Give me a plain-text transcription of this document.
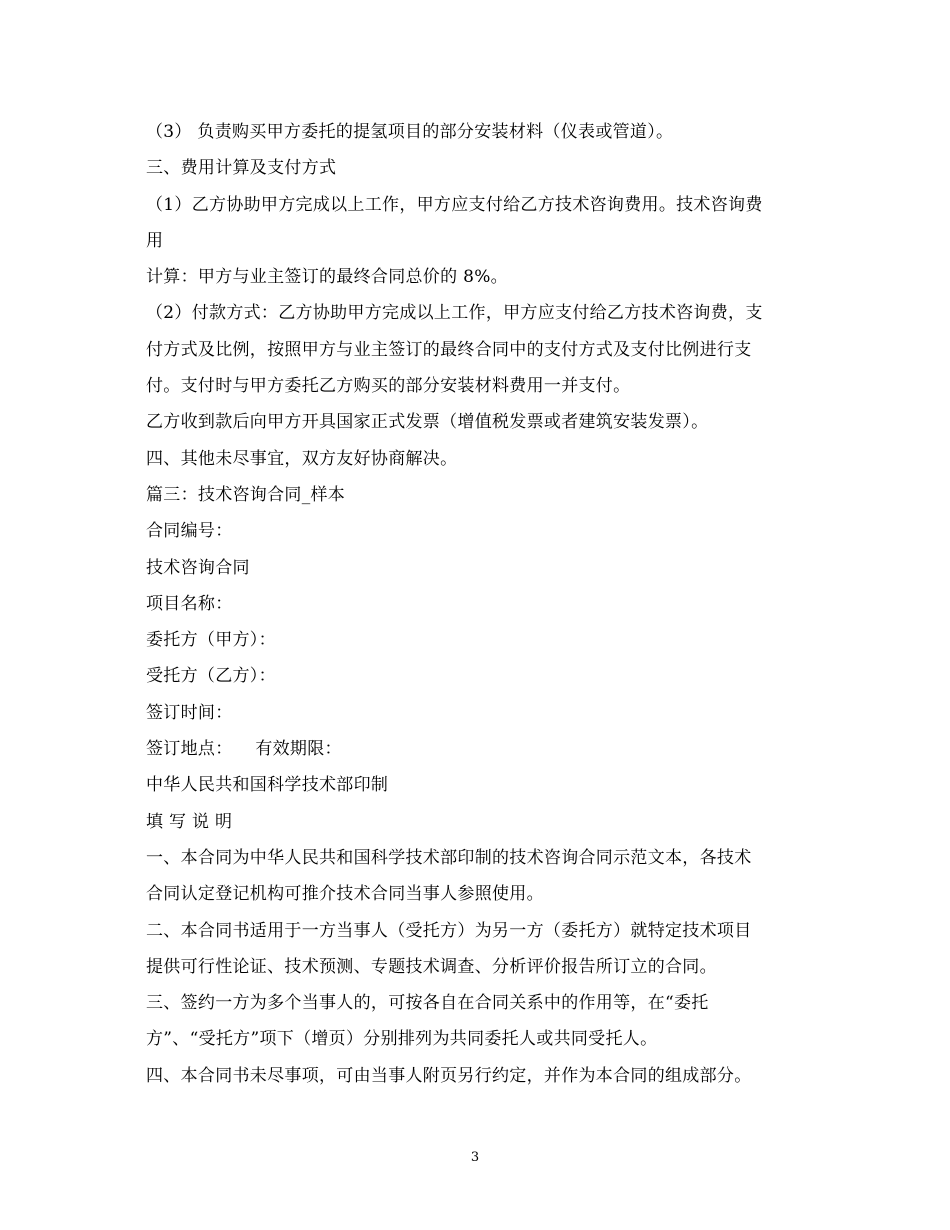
（3） 负责购买甲方委托的提氢项目的部分安装材料（仪表或管道）。
三、费用计算及支付方式
（1）乙方协助甲方完成以上工作，甲方应支付给乙方技术咨询费用。技术咨询费
用
计算：甲方与业主签订的最终合同总价的 8%。
（2）付款方式：乙方协助甲方完成以上工作，甲方应支付给乙方技术咨询费，支
付方式及比例，按照甲方与业主签订的最终合同中的支付方式及支付比例进行支
付。支付时与甲方委托乙方购买的部分安装材料费用一并支付。
乙方收到款后向甲方开具国家正式发票（增值税发票或者建筑安装发票）。
四、其他未尽事宜，双方友好协商解决。
篇三：技术咨询合同_样本
合同编号：
技术咨询合同
项目名称：
委托方（甲方）：
受托方（乙方）：
签订时间：
签订地点：    有效期限：
中华人民共和国科学技术部印制
填 写 说 明
一、本合同为中华人民共和国科学技术部印制的技术咨询合同示范文本，各技术
合同认定登记机构可推介技术合同当事人参照使用。
二、本合同书适用于一方当事人（受托方）为另一方（委托方）就特定技术项目
提供可行性论证、技术预测、专题技术调查、分析评价报告所订立的合同。
三、签约一方为多个当事人的，可按各自在合同关系中的作用等，在“委托
方”、“受托方”项下（增页）分别排列为共同委托人或共同受托人。
四、本合同书未尽事项，可由当事人附页另行约定，并作为本合同的组成部分。
3
